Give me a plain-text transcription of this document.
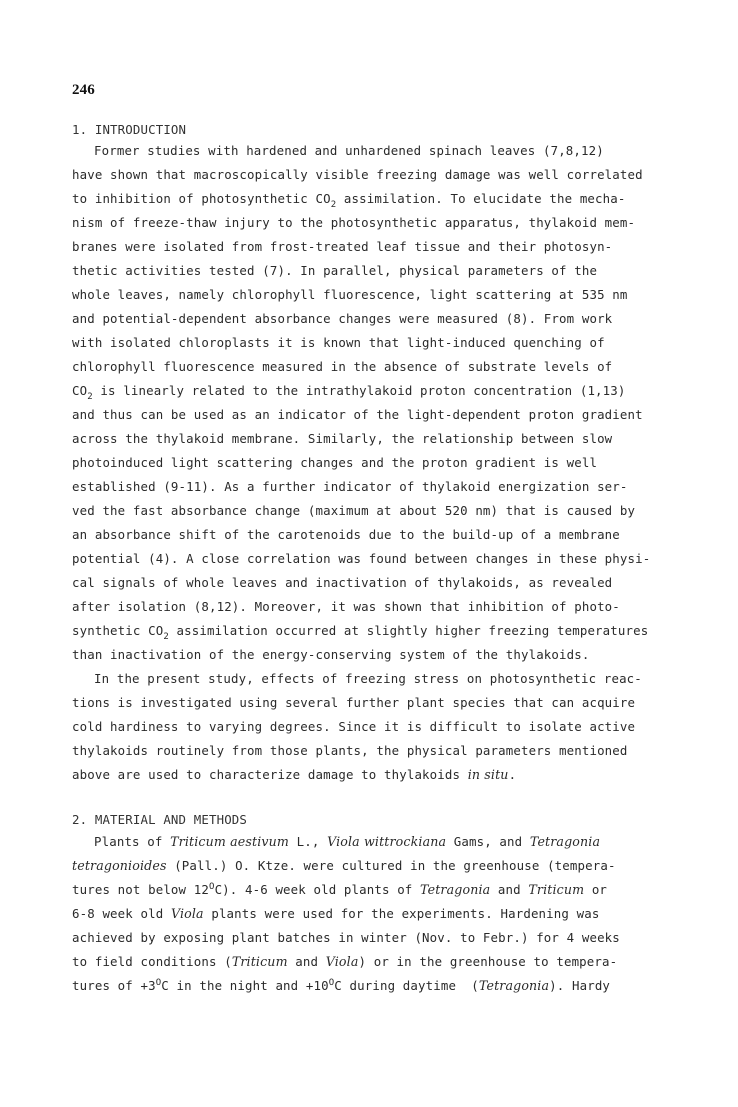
246
1. INTRODUCTION
Former studies with hardened and unhardened spinach leaves (7,8,12)
have shown that macroscopically visible freezing damage was well correlated
to inhibition of photosynthetic $CO_2$ assimilation. To elucidate the mecha-
nism of freeze-thaw injury to the photosynthetic apparatus, thylakoid mem-
branes were isolated from frost-treated leaf tissue and their photosyn-
thetic activities tested (7). In parallel, physical parameters of the
whole leaves, namely chlorophyll fluorescence, light scattering at 535 nm
and potential-dependent absorbance changes were measured (8). From work
with isolated chloroplasts it is known that light-induced quenching of
chlorophyll fluorescence measured in the absence of substrate levels of
$CO_2$ is linearly related to the intrathylakoid proton concentration (1,13)
and thus can be used as an indicator of the light-dependent proton gradient
across the thylakoid membrane. Similarly, the relationship between slow
photoinduced light scattering changes and the proton gradient is well
established (9-11). As a further indicator of thylakoid energization ser-
ved the fast absorbance change (maximum at about 520 nm) that is caused by
an absorbance shift of the carotenoids due to the build-up of a membrane
potential (4). A close correlation was found between changes in these physi-
cal signals of whole leaves and inactivation of thylakoids, as revealed
after isolation (8,12). Moreover, it was shown that inhibition of photo-
synthetic $CO_2$ assimilation occurred at slightly higher freezing temperatures
than inactivation of the energy-conserving system of the thylakoids.
In the present study, effects of freezing stress on photosynthetic reac-
tions is investigated using several further plant species that can acquire
cold hardiness to varying degrees. Since it is difficult to isolate active
thylakoids routinely from those plants, the physical parameters mentioned
above are used to characterize damage to thylakoids in situ.
2. MATERIAL AND METHODS
Plants of Triticum aestivum L., Viola wittrockiana Gams, and Tetragonia
tetragonioides (Pall.) O. Ktze. were cultured in the greenhouse (tempera-
tures not below $12^OC$). 4-6 week old plants of Tetragonia and Triticum or
6-8 week old Viola plants were used for the experiments. Hardening was
achieved by exposing plant batches in winter (Nov. to Febr.) for 4 weeks
to field conditions (Triticum and Viola) or in the greenhouse to tempera-
tures of $+3^OC$ in the night and $+10^OC$ during daytime  (Tetragonia). Hardy
